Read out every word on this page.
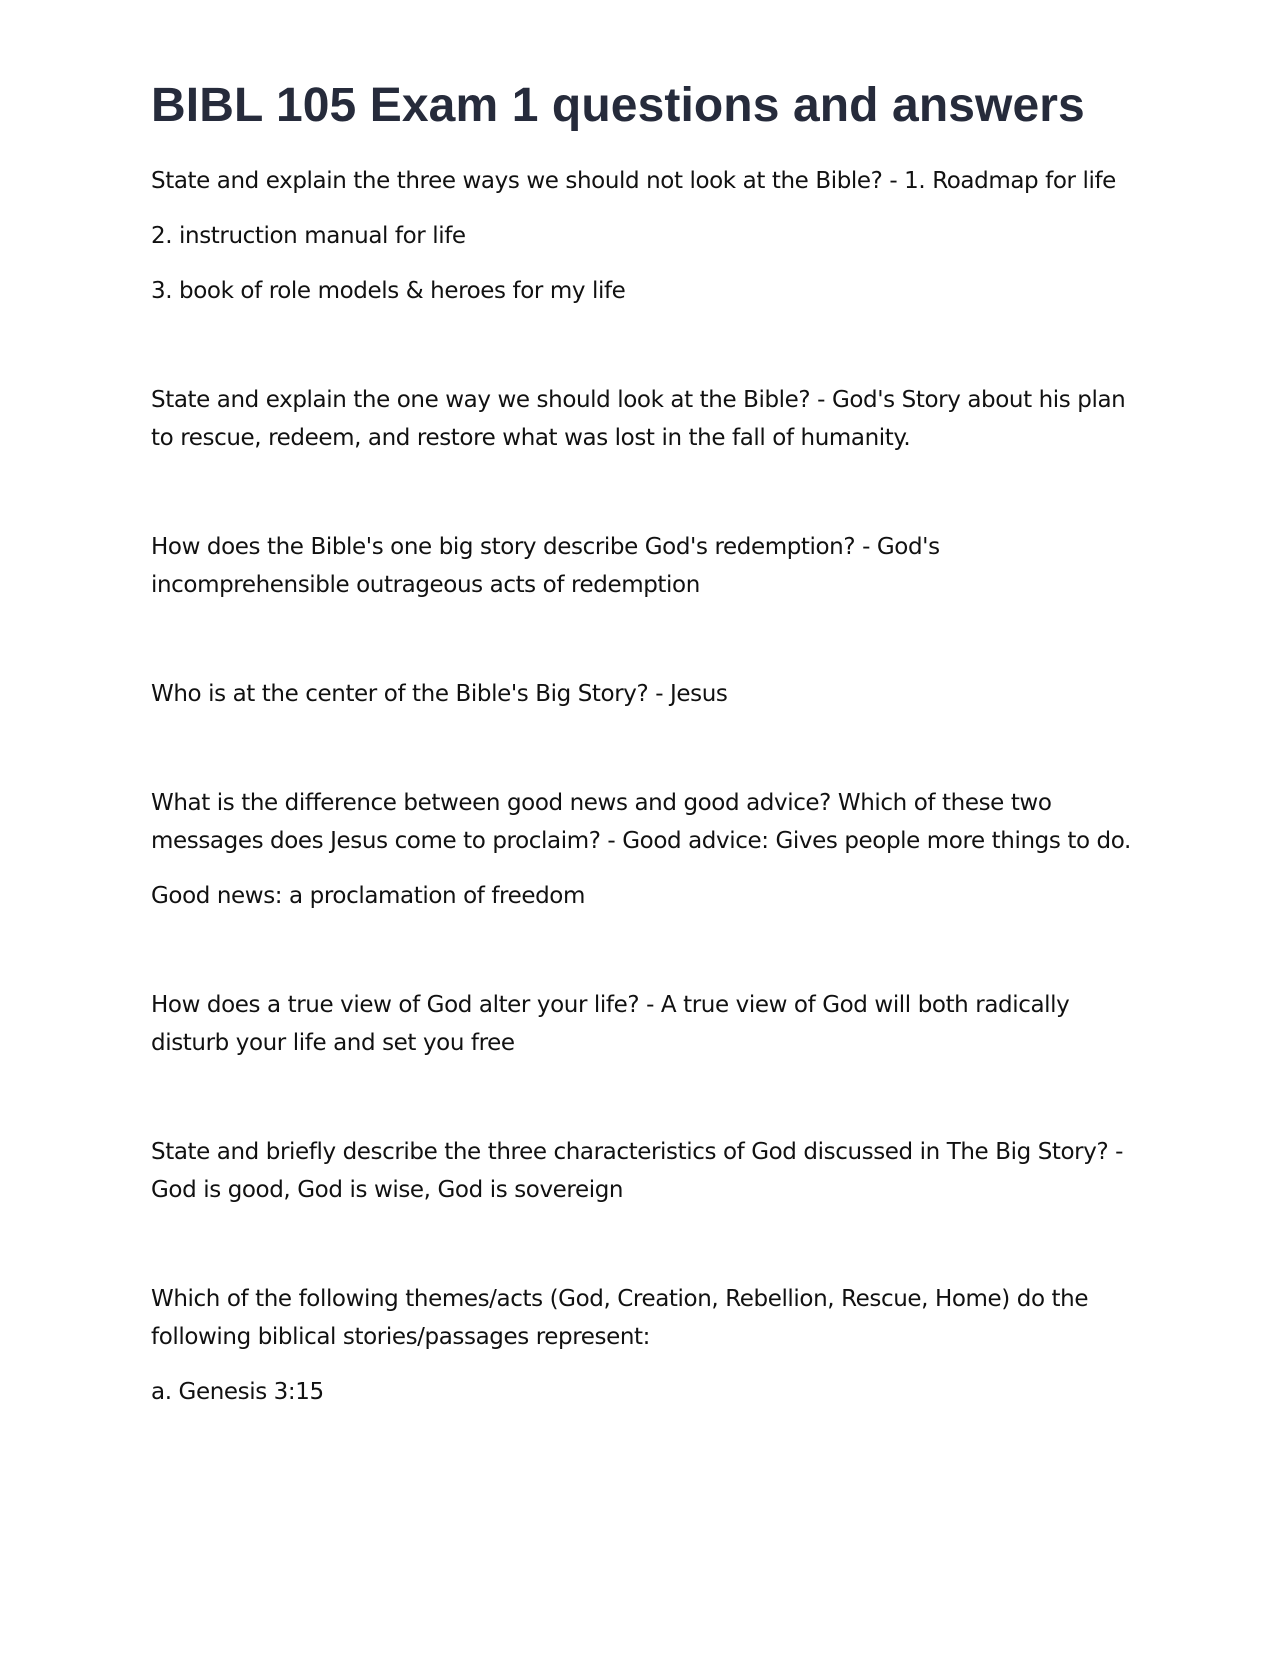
BIBL 105 Exam 1 questions and answers

State and explain the three ways we should not look at the Bible? - 1. Roadmap for life

2. instruction manual for life

3. book of role models & heroes for my life

State and explain the one way we should look at the Bible? - God's Story about his plan to rescue, redeem, and restore what was lost in the fall of humanity.

How does the Bible's one big story describe God's redemption? - God's incomprehensible outrageous acts of redemption

Who is at the center of the Bible's Big Story? - Jesus

What is the difference between good news and good advice? Which of these two messages does Jesus come to proclaim? - Good advice: Gives people more things to do.

Good news: a proclamation of freedom

How does a true view of God alter your life? - A true view of God will both radically disturb your life and set you free

State and briefly describe the three characteristics of God discussed in The Big Story? - God is good, God is wise, God is sovereign

Which of the following themes/acts (God, Creation, Rebellion, Rescue, Home) do the following biblical stories/passages represent:

a. Genesis 3:15
